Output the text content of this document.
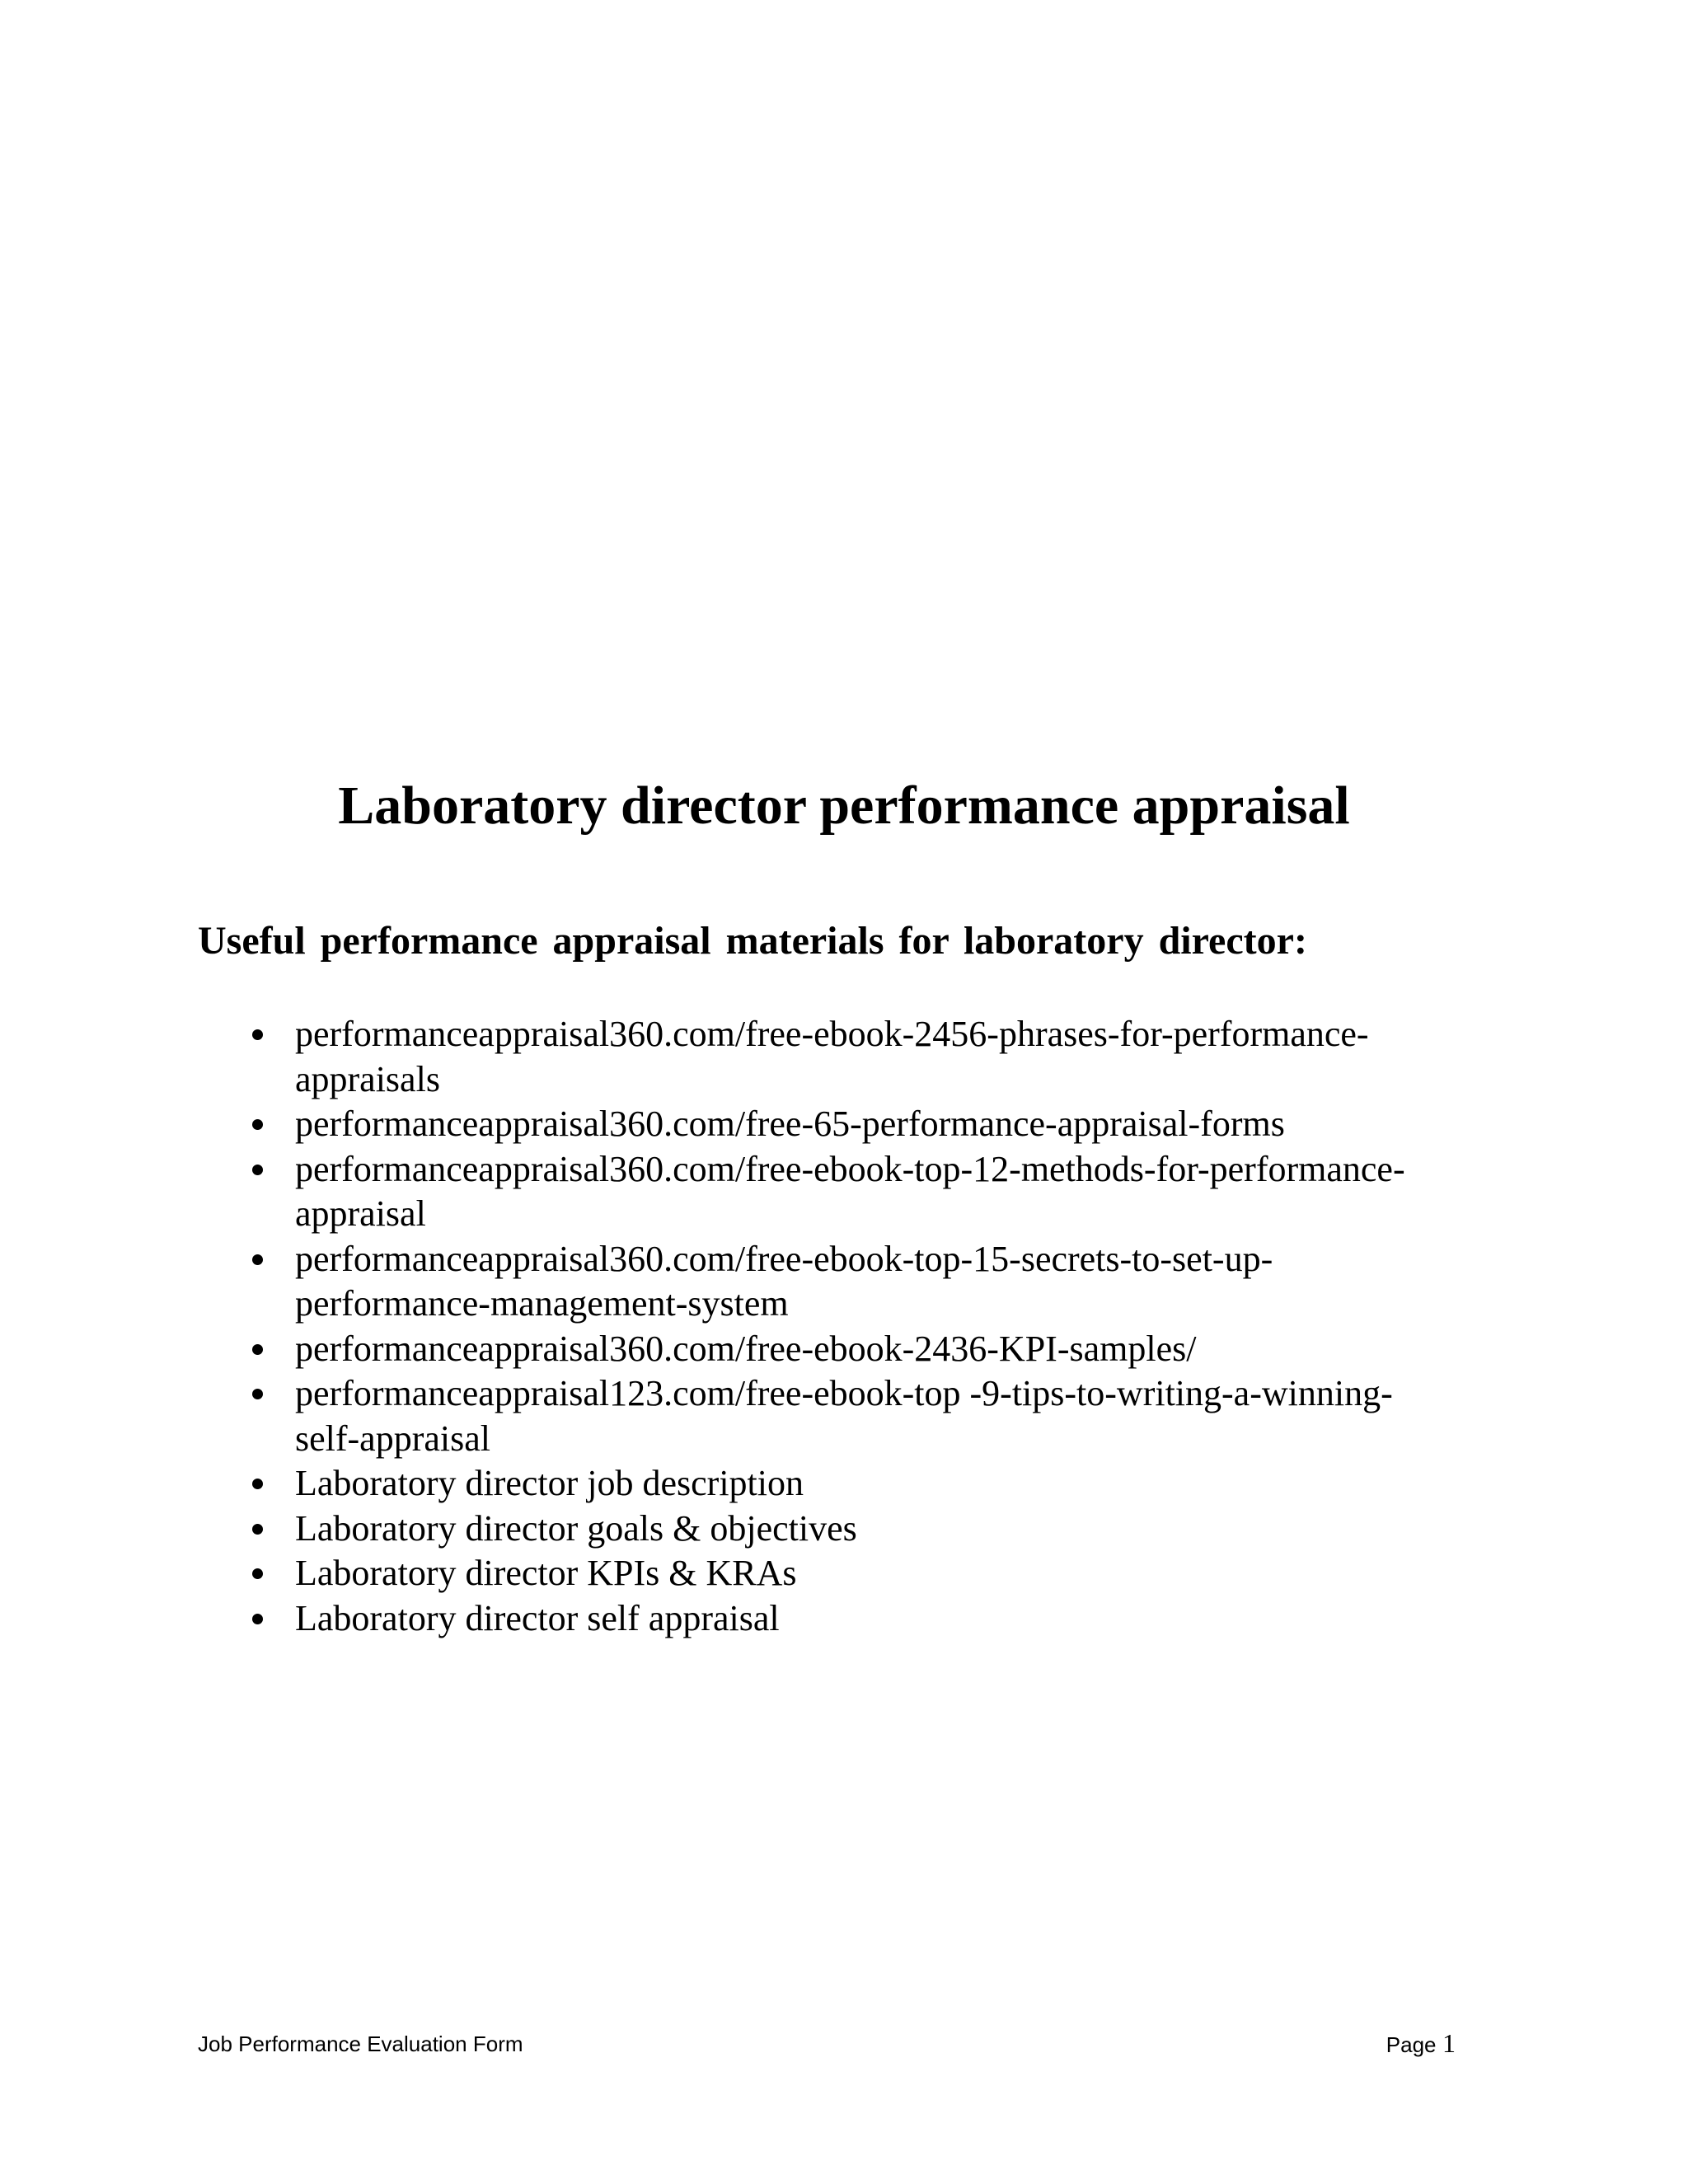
Laboratory director performance appraisal
Useful performance appraisal materials for laboratory director:
performanceappraisal360.com/free-ebook-2456-phrases-for-performance-
appraisals
performanceappraisal360.com/free-65-performance-appraisal-forms
performanceappraisal360.com/free-ebook-top-12-methods-for-performance-
appraisal
performanceappraisal360.com/free-ebook-top-15-secrets-to-set-up-
performance-management-system
performanceappraisal360.com/free-ebook-2436-KPI-samples/
performanceappraisal123.com/free-ebook-top -9-tips-to-writing-a-winning-
self-appraisal
Laboratory director job description
Laboratory director goals & objectives
Laboratory director KPIs & KRAs
Laboratory director self appraisal
Job Performance Evaluation Form	Page 1
